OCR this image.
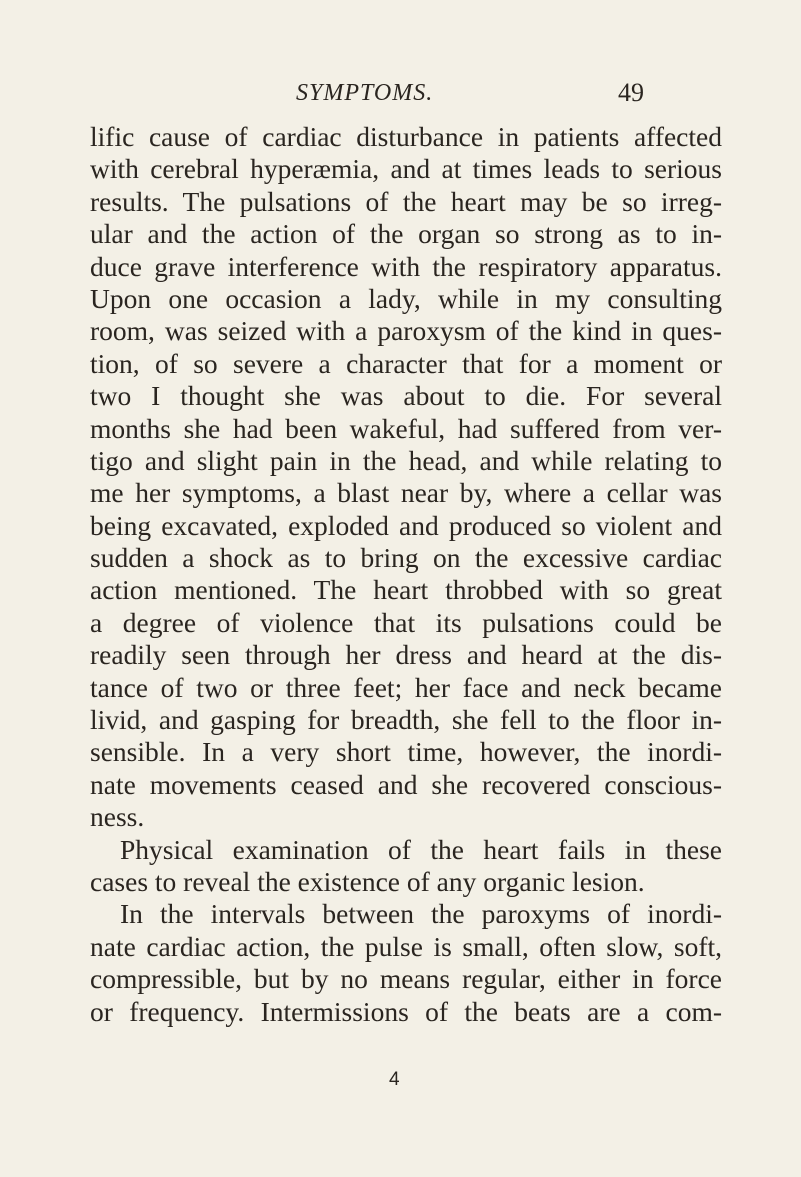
SYMPTOMS.	49
lific cause of cardiac disturbance in patients affected
with cerebral hyperæmia, and at times leads to serious
results. The pulsations of the heart may be so irreg-
ular and the action of the organ so strong as to in-
duce grave interference with the respiratory apparatus.
Upon one occasion a lady, while in my consulting
room, was seized with a paroxysm of the kind in ques-
tion, of so severe a character that for a moment or
two I thought she was about to die. For several
months she had been wakeful, had suffered from ver-
tigo and slight pain in the head, and while relating to
me her symptoms, a blast near by, where a cellar was
being excavated, exploded and produced so violent and
sudden a shock as to bring on the excessive cardiac
action mentioned. The heart throbbed with so great
a degree of violence that its pulsations could be
readily seen through her dress and heard at the dis-
tance of two or three feet; her face and neck became
livid, and gasping for breadth, she fell to the floor in-
sensible. In a very short time, however, the inordi-
nate movements ceased and she recovered conscious-
ness.
Physical examination of the heart fails in these
cases to reveal the existence of any organic lesion.
In the intervals between the paroxyms of inordi-
nate cardiac action, the pulse is small, often slow, soft,
compressible, but by no means regular, either in force
or frequency. Intermissions of the beats are a com-
4
